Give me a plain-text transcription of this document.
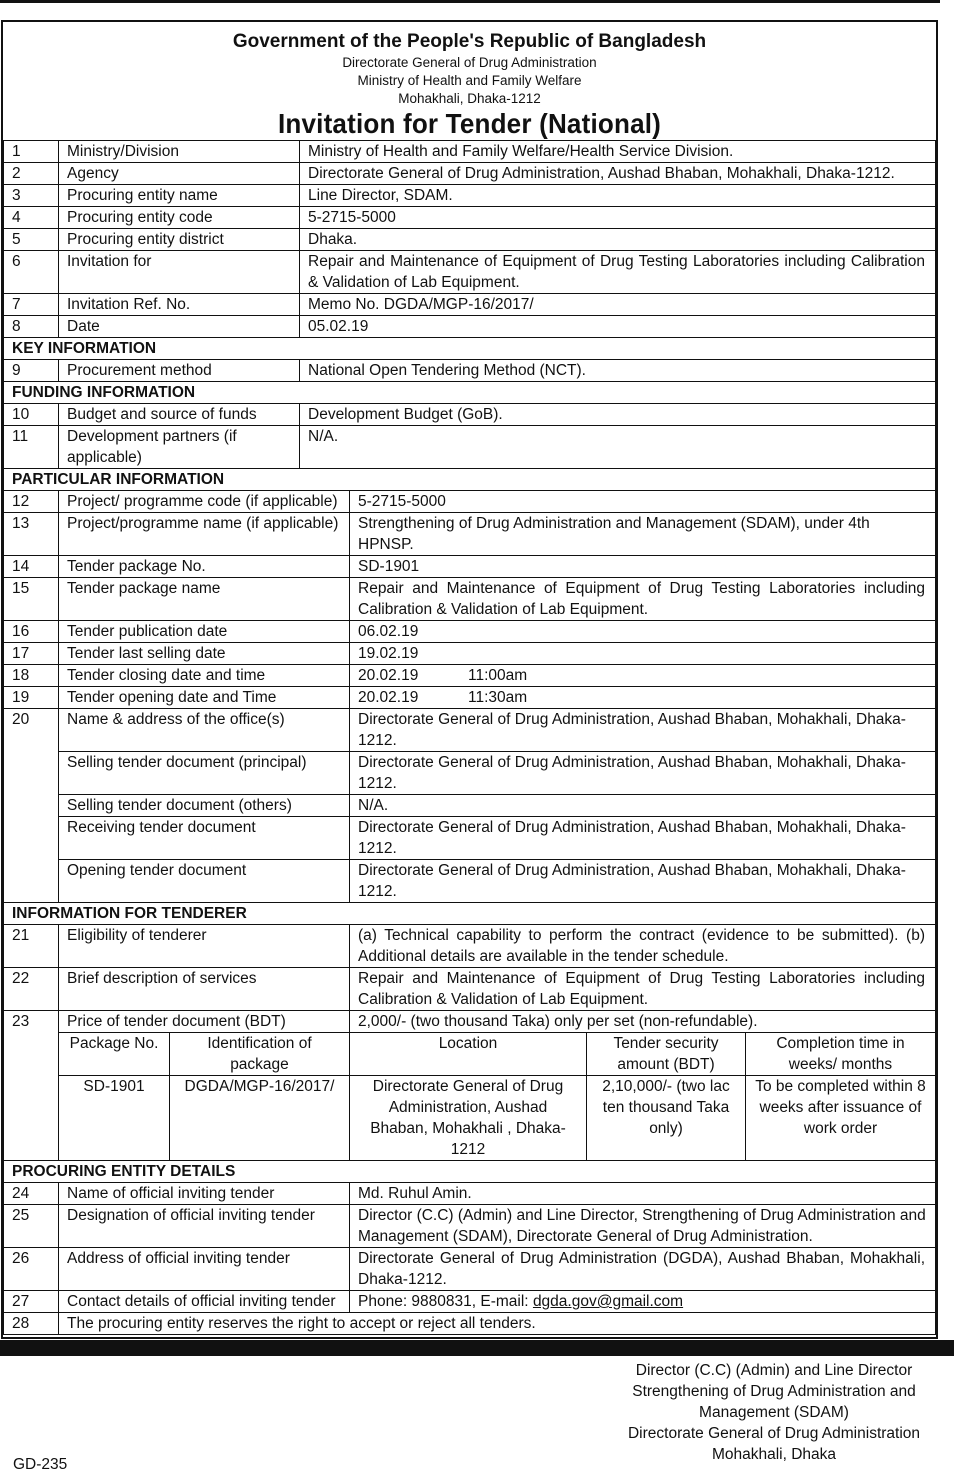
Government of the People's Republic of Bangladesh
Directorate General of Drug Administration
Ministry of Health and Family Welfare
Mohakhali, Dhaka-1212
Invitation for Tender (National)
1	Ministry/Division	Ministry of Health and Family Welfare/Health Service Division.
2	Agency	Directorate General of Drug Administration, Aushad Bhaban, Mohakhali, Dhaka-1212.
3	Procuring entity name	Line Director, SDAM.
4	Procuring entity code	5-2715-5000
5	Procuring entity district	Dhaka.
6	Invitation for	Repair and Maintenance of Equipment of Drug Testing Laboratories including Calibration & Validation of Lab Equipment.
7	Invitation Ref. No.	Memo No. DGDA/MGP-16/2017/
8	Date	05.02.19
KEY INFORMATION		
9	Procurement method	National Open Tendering Method (NCT).
FUNDING INFORMATION		
10	Budget and source of funds	Development Budget (GoB).
11	Development partners (if applicable)	N/A.
PARTICULAR INFORMATION					
12	Project/ programme code (if applicable)		5-2715-5000		
13	Project/programme name (if applicable)		Strengthening of Drug Administration and Management (SDAM), under 4th HPNSP.		
14	Tender package No.		SD-1901		
15	Tender package name		Repair and Maintenance of Equipment of Drug Testing Laboratories including Calibration & Validation of Lab Equipment.		
16	Tender publication date		06.02.19		
17	Tender last selling date		19.02.19		
18	Tender closing date and time		20.02.19 11:00am		
19	Tender opening date and Time		20.02.19 11:30am		
20	Name & address of the office(s)		Directorate General of Drug Administration, Aushad Bhaban, Mohakhali, Dhaka-1212.		
	Selling tender document (principal)		Directorate General of Drug Administration, Aushad Bhaban, Mohakhali, Dhaka-1212.		
	Selling tender document (others)		N/A.		
	Receiving tender document		Directorate General of Drug Administration, Aushad Bhaban, Mohakhali, Dhaka-1212.		
	Opening tender document		Directorate General of Drug Administration, Aushad Bhaban, Mohakhali, Dhaka-1212.		
INFORMATION FOR TENDERER					
21	Eligibility of tenderer		(a) Technical capability to perform the contract (evidence to be submitted). (b) Additional details are available in the tender schedule.		
22	Brief description of services		Repair and Maintenance of Equipment of Drug Testing Laboratories including Calibration & Validation of Lab Equipment.		
23	Price of tender document (BDT)		2,000/- (two thousand Taka) only per set (non-refundable).		
	Package No.	Identification of package	Location	Tender security amount (BDT)	Completion time in weeks/ months
	SD-1901	DGDA/MGP-16/2017/	Directorate General of Drug Administration, Aushad Bhaban, Mohakhali , Dhaka-1212	2,10,000/- (two lac ten thousand Taka only)	To be completed within 8 weeks after issuance of work order
PROCURING ENTITY DETAILS					
24	Name of official inviting tender		Md. Ruhul Amin.		
25	Designation of official inviting tender		Director (C.C) (Admin) and Line Director, Strengthening of Drug Administration and Management (SDAM), Directorate General of Drug Administration.		
26	Address of official inviting tender		Directorate General of Drug Administration (DGDA), Aushad Bhaban, Mohakhali, Dhaka-1212.		
27	Contact details of official inviting tender		Phone: 9880831, E-mail: dgda.gov@gmail.com		
28	The procuring entity reserves the right to accept or reject all tenders.				
Director (C.C) (Admin) and Line Director
Strengthening of Drug Administration and
Management (SDAM)
Directorate General of Drug Administration
Mohakhali, Dhaka
GD-235
